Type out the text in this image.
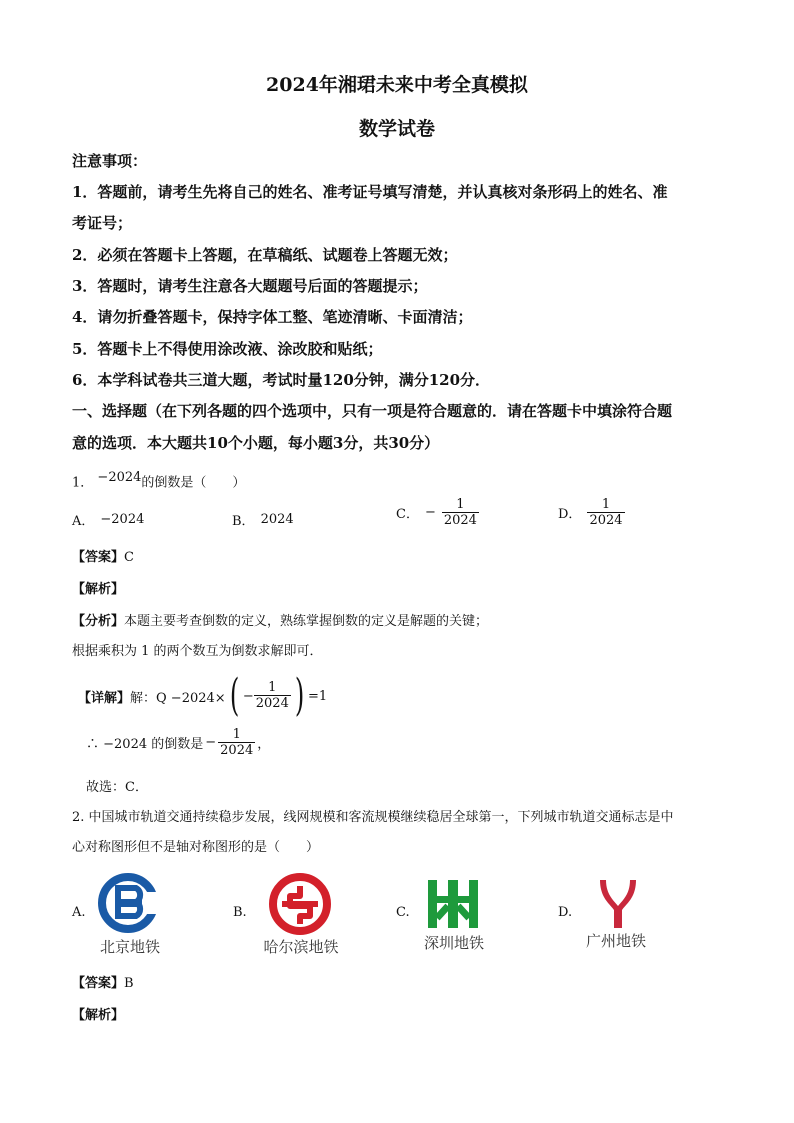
2024年湘珺未来中考全真模拟
数学试卷
注意事项：
1．答题前，请考生先将自己的姓名、准考证号填写清楚，并认真核对条形码上的姓名、准
考证号；
2．必须在答题卡上答题，在草稿纸、试题卷上答题无效；
3．答题时，请考生注意各大题题号后面的答题提示；
4．请勿折叠答题卡，保持字体工整、笔迹清晰、卡面清洁；
5．答题卡上不得使用涂改液、涂改胶和贴纸；
6．本学科试卷共三道大题，考试时量120分钟，满分120分．
一、选择题（在下列各题的四个选项中，只有一项是符合题意的．请在答题卡中填涂符合题
意的选项．本大题共10个小题，每小题3分，共30分）
1． $^{-2024}$的倒数是（　　）
A． −2024	B． 2024	C． − $\frac{1}{2024}$	D． $\frac{1}{2024}$
【答案】C
【解析】
【分析】本题主要考查倒数的定义，熟练掌握倒数的定义是解题的关键；
根据乘积为 1 的两个数互为倒数求解即可．
【详解】 解：Q −2024× ( − $\frac{1}{2024}$ ) =1
∴ −2024 的倒数是 − $\frac{1}{2024}$ ，
故选：C．
2. 中国城市轨道交通持续稳步发展，线网规模和客流规模继续稳居全球第一，下列城市轨道交通标志是中
心对称图形但不是轴对称图形的是（　　）
A.
北京地铁
B.
哈尔滨地铁
C.
深圳地铁
D.
广州地铁
【答案】B
【解析】
